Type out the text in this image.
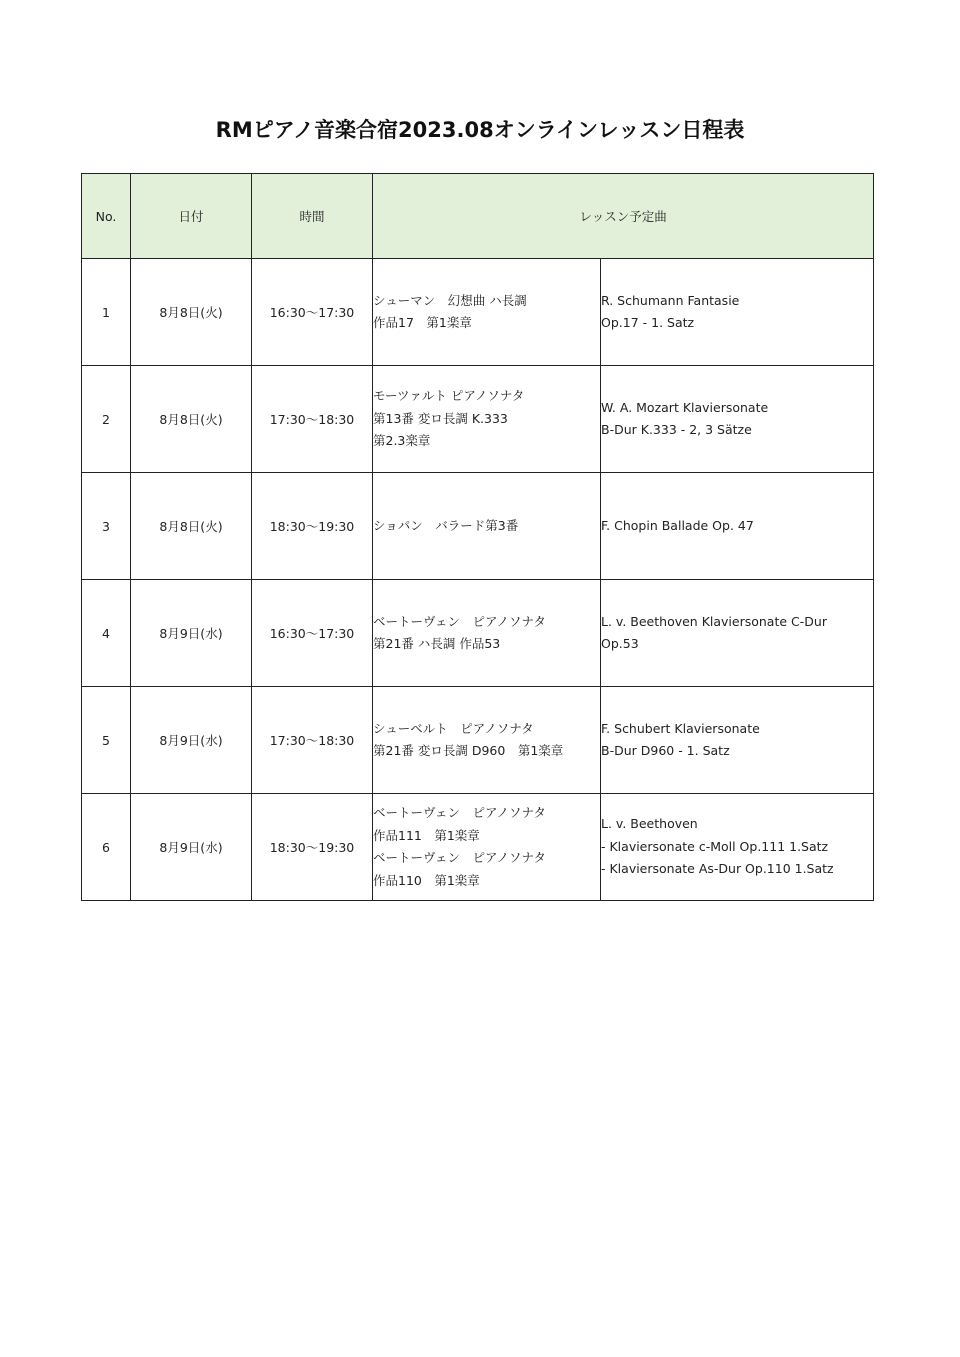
RMピアノ音楽合宿2023.08オンラインレッスン日程表
No.	日付	時間	レッスン予定曲	
1	8月8日(火)	16:30〜17:30	シューマン　幻想曲 ハ長調
作品17　第1楽章	R. Schumann Fantasie
Op.17 - 1. Satz

2	8月8日(火)	17:30〜18:30	モーツァルト ピアノソナタ
第13番 変ロ長調 K.333
第2.3楽章	W. A. Mozart Klaviersonate
B-Dur K.333 - 2, 3 Sätze

3	8月8日(火)	18:30〜19:30	ショパン　バラード第3番	F. Chopin Ballade Op. 47

4	8月9日(水)	16:30〜17:30	ベートーヴェン　ピアノソナタ
第21番 ハ長調 作品53	L. v. Beethoven Klaviersonate C-Dur
Op.53

5	8月9日(水)	17:30〜18:30	シューベルト　ピアノソナタ
第21番 変ロ長調 D960　第1楽章	F. Schubert Klaviersonate
B-Dur D960 - 1. Satz

6	8月9日(水)	18:30〜19:30	ベートーヴェン　ピアノソナタ
作品111　第1楽章
ベートーヴェン　ピアノソナタ
作品110　第1楽章	L. v. Beethoven
- Klaviersonate c-Moll Op.111 1.Satz
- Klaviersonate As-Dur Op.110 1.Satz
